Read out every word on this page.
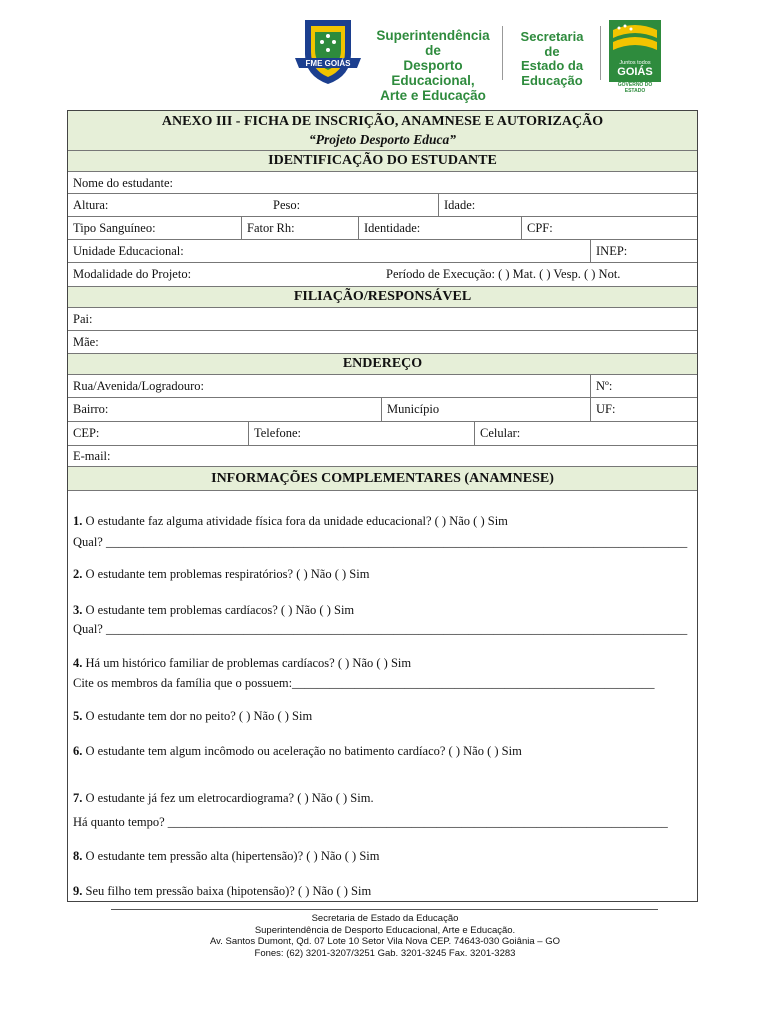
FME GOIÁS
Superintendência de
Desporto Educacional,
Arte e Educação
Secretaria de
Estado da
Educação
Juntos todos
GOIÁS
GOVERNO DO ESTADO
ANEXO III - FICHA DE INSCRIÇÃO, ANAMNESE E AUTORIZAÇÃO
“Projeto Desporto Educa”
IDENTIFICAÇÃO DO ESTUDANTE
Nome do estudante:
Altura:	Peso:	Idade:
Tipo Sanguíneo:	Fator Rh:	Identidade:	CPF:
Unidade Educacional:	INEP:
Modalidade do Projeto:	Período de Execução: ( ) Mat. ( ) Vesp. ( ) Not.
FILIAÇÃO/RESPONSÁVEL
Pai:
Mãe:
ENDEREÇO
Rua/Avenida/Logradouro:	Nº:
Bairro:	Município	UF:
CEP:	Telefone:	Celular:
E-mail:
INFORMAÇÕES COMPLEMENTARES (ANAMNESE)
1. O estudante faz alguma atividade física fora da unidade educacional? ( ) Não ( ) Sim
Qual? _____________________________________________________________________________________________
2. O estudante tem problemas respiratórios? ( ) Não ( ) Sim
3. O estudante tem problemas cardíacos? ( ) Não ( ) Sim
Qual? _____________________________________________________________________________________________
4. Há um histórico familiar de problemas cardíacos? ( ) Não ( ) Sim
Cite os membros da família que o possuem:__________________________________________________________
5. O estudante tem dor no peito? ( ) Não ( ) Sim
6. O estudante tem algum incômodo ou aceleração no batimento cardíaco? ( ) Não ( ) Sim
7. O estudante já fez um eletrocardiograma? ( ) Não ( ) Sim.
Há quanto tempo? ________________________________________________________________________________
8. O estudante tem pressão alta (hipertensão)? ( ) Não ( ) Sim
9. Seu filho tem pressão baixa (hipotensão)? ( ) Não ( ) Sim
Secretaria de Estado da Educação
Superintendência de Desporto Educacional, Arte e Educação.
Av. Santos Dumont, Qd. 07 Lote 10 Setor Vila Nova CEP. 74643-030 Goiânia – GO
Fones: (62) 3201-3207/3251 Gab. 3201-3245 Fax. 3201-3283
